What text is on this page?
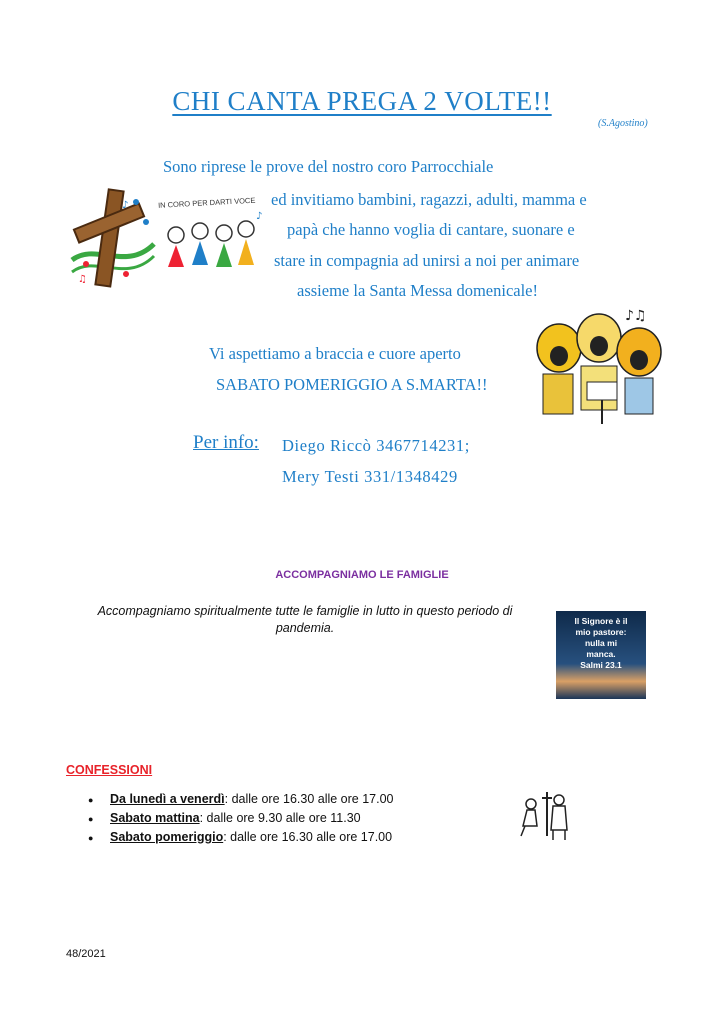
CHI CANTA PREGA 2 VOLTE!!
(S.Agostino)
Sono riprese le prove del nostro coro Parrocchiale
ed invitiamo bambini, ragazzi, adulti, mamma e
papà che hanno voglia di cantare, suonare e
stare in compagnia ad unirsi a noi per animare
assieme la Santa Messa domenicale!
♪
♫
IN CORO PER DARTI VOCE
♪
Vi aspettiamo a braccia e cuore aperto
SABATO POMERIGGIO A S.MARTA!!
♪♫
Per info: Diego Riccò 3467714231;
Mery Testi 331/1348429
ACCOMPAGNIAMO LE FAMIGLIE
Accompagniamo spiritualmente tutte le famiglie in lutto in questo periodo di pandemia.	Il Signore è il
mio pastore:
nulla mi
manca.
Salmi 23.1
CONFESSIONI
● Da lunedì a venerdì: dalle ore 16.30 alle ore 17.00
● Sabato mattina: dalle ore 9.30 alle ore 11.30
● Sabato pomeriggio: dalle ore 16.30 alle ore 17.00
48/2021
